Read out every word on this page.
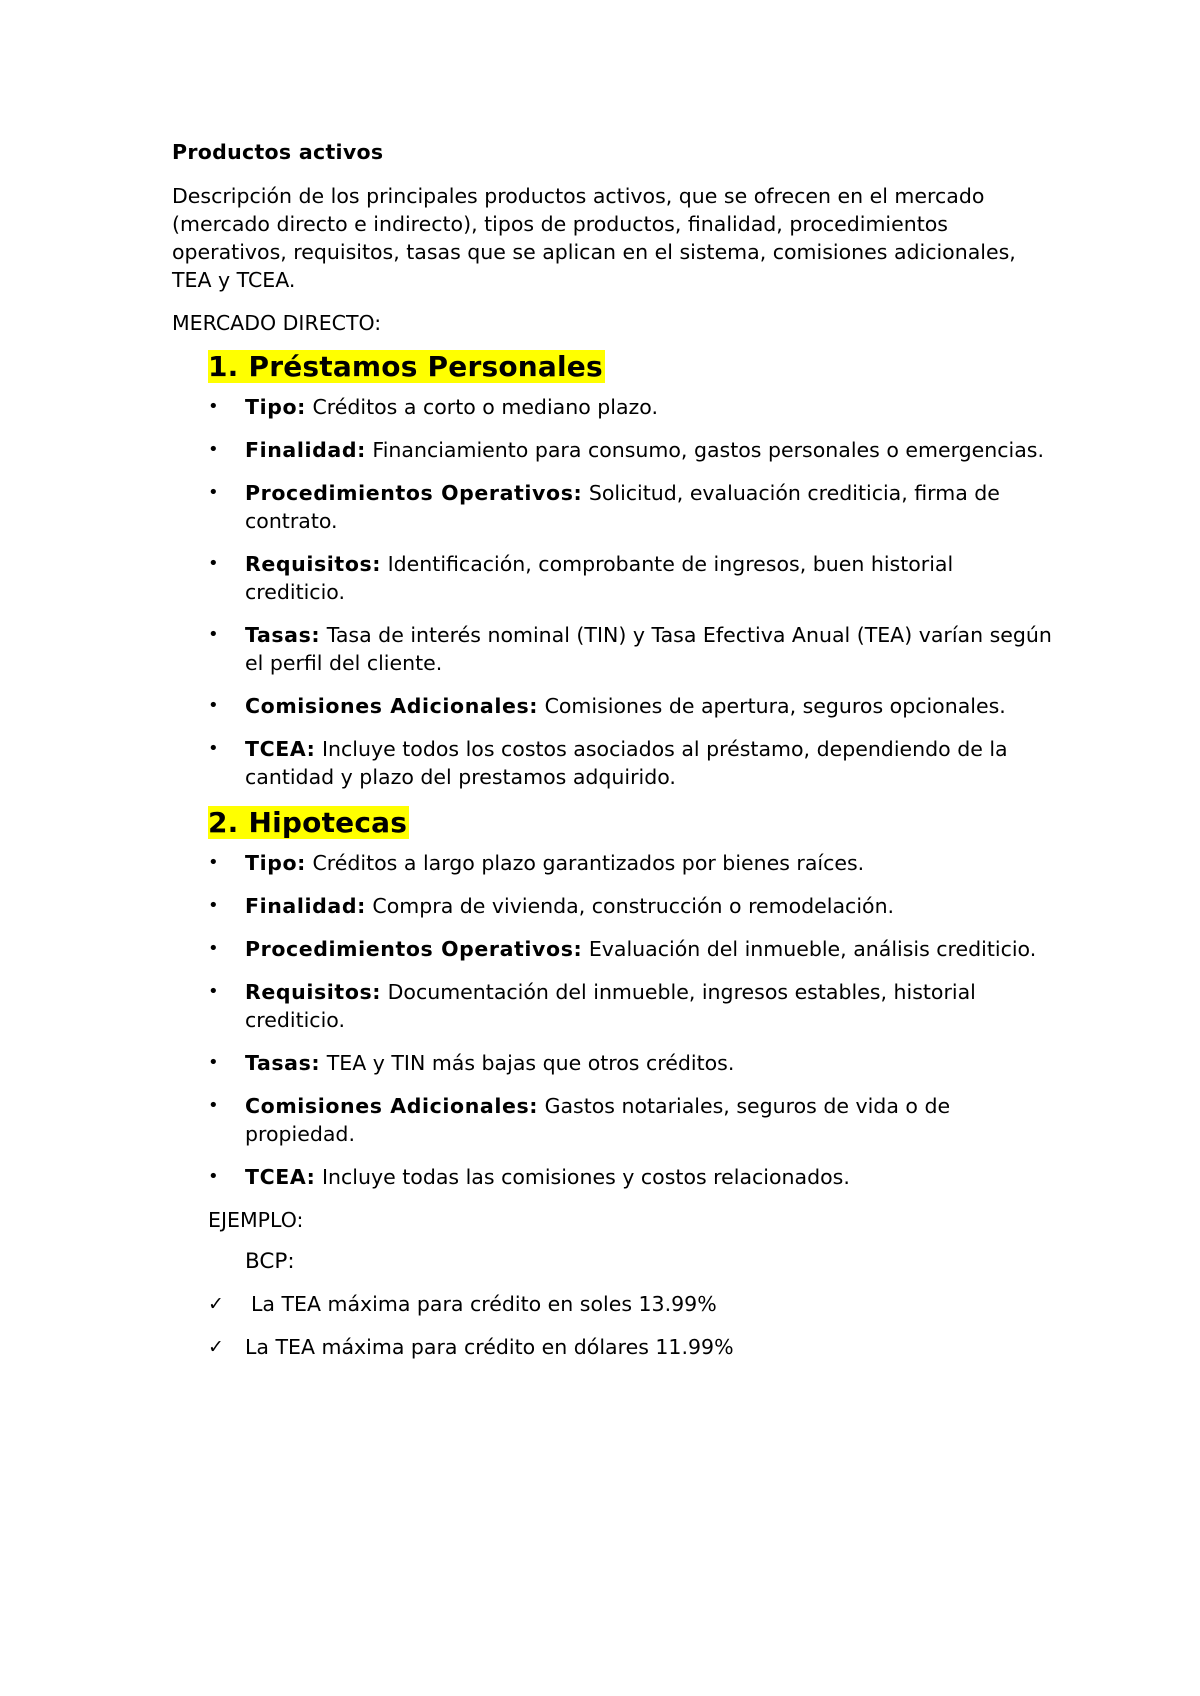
Productos activos
Descripción de los principales productos activos, que se ofrecen en el mercado (mercado directo e indirecto), tipos de productos, finalidad, procedimientos operativos, requisitos, tasas que se aplican en el sistema, comisiones adicionales, TEA y TCEA.
MERCADO DIRECTO:
1. Préstamos Personales
• Tipo: Créditos a corto o mediano plazo.
• Finalidad: Financiamiento para consumo, gastos personales o emergencias.
• Procedimientos Operativos: Solicitud, evaluación crediticia, firma de contrato.
• Requisitos: Identificación, comprobante de ingresos, buen historial crediticio.
• Tasas: Tasa de interés nominal (TIN) y Tasa Efectiva Anual (TEA) varían según el perfil del cliente.
• Comisiones Adicionales: Comisiones de apertura, seguros opcionales.
• TCEA: Incluye todos los costos asociados al préstamo, dependiendo de la cantidad y plazo del prestamos adquirido.
2. Hipotecas
• Tipo: Créditos a largo plazo garantizados por bienes raíces.
• Finalidad: Compra de vivienda, construcción o remodelación.
• Procedimientos Operativos: Evaluación del inmueble, análisis crediticio.
• Requisitos: Documentación del inmueble, ingresos estables, historial crediticio.
• Tasas: TEA y TIN más bajas que otros créditos.
• Comisiones Adicionales: Gastos notariales, seguros de vida o de propiedad.
• TCEA: Incluye todas las comisiones y costos relacionados.
EJEMPLO:
BCP:
✓ La TEA máxima para crédito en soles 13.99%
✓ La TEA máxima para crédito en dólares 11.99%
